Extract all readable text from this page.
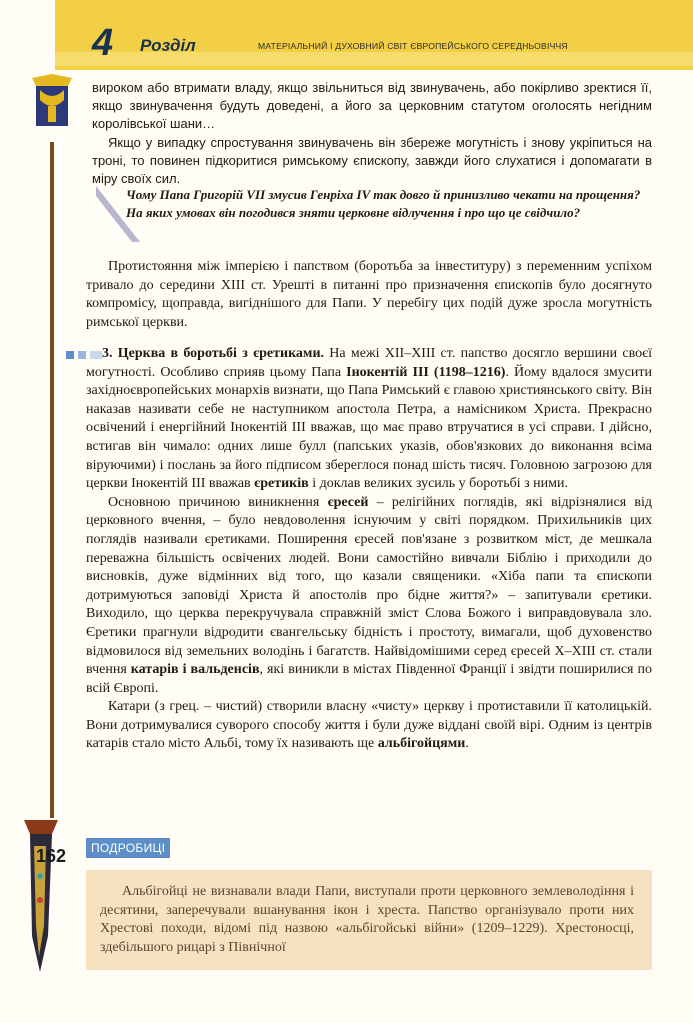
4 Розділ	МАТЕРІАЛЬНИЙ І ДУХОВНИЙ СВІТ ЄВРОПЕЙСЬКОГО СЕРЕДНЬОВІЧЧЯ

вироком або втримати владу, якщо звільниться від звинувачень, або покірливо зректися її, якщо звинувачення будуть доведені, а його за церковним статутом оголосять негідним королівської шани…

Якщо у випадку спростування звинувачень він збереже могутність і знову укріпиться на троні, то повинен підкоритися римському єпископу, завжди його слухатися і допомагати в міру своїх сил.

Чому Папа Григорій VII змусив Генріха IV так довго й принизливо чекати на прощення? На яких умовах він погодився зняти церковне відлучення і про що це свідчило?
Протистояння між імперією і папством (боротьба за інвеституру) з переменним успіхом тривало до середини XIII ст. Урешті в питанні про призначення єпископів було досягнуто компромісу, щоправда, вигіднішого для Папи. У перебігу цих подій дуже зросла могутність римської церкви.

3. Церква в боротьбі з єретиками. На межі XII–XIII ст. папство досягло вершини своєї могутності. Особливо сприяв цьому Папа Інокентій III (1198–1216). Йому вдалося змусити західноєвропейських монархів визнати, що Папа Римський є главою християнського світу. Він наказав називати себе не наступником апостола Петра, а намісником Христа. Прекрасно освічений і енергійний Інокентій III вважав, що має право втручатися в усі справи. І дійсно, встигав він чимало: одних лише булл (папських указів, обов'язкових до виконання всіма віруючими) і послань за його підписом збереглося понад шість тисяч. Головною загрозою для церкви Інокентій III вважав єретиків і доклав великих зусиль у боротьбі з ними.

Основною причиною виникнення єресей – релігійних поглядів, які відрізнялися від церковного вчення, – було невдоволення існуючим у світі порядком. Прихильників цих поглядів називали єретиками. Поширення єресей пов'язане з розвитком міст, де мешкала переважна більшість освічених людей. Вони самостійно вивчали Біблію і приходили до висновків, дуже відмінних від того, що казали священики. «Хіба папи та єпископи дотримуються заповіді Христа й апостолів про бідне життя?» – запитували єретики. Виходило, що церква перекручувала справжній зміст Слова Божого і виправдовувала зло. Єретики прагнули відродити євангельську бідність і простоту, вимагали, щоб духовенство відмовилося від земельних володінь і багатств. Найвідомішими серед єресей X–XIII ст. стали вчення катарів і вальденсів, які виникли в містах Південної Франції і звідти поширилися по всій Європі.

Катари (з грец. – чистий) створили власну «чисту» церкву і протиставили її католицькій. Вони дотримувалися суворого способу життя і були дуже віддані своїй вірі. Одним із центрів катарів стало місто Альбі, тому їх називають ще альбігойцями.

162	ПОДРОБИЦІ

Альбігойці не визнавали влади Папи, виступали проти церковного землеволодіння і десятини, заперечували вшанування ікон і хреста. Папство організувало проти них Хрестові походи, відомі під назвою «альбігойські війни» (1209–1229). Хрестоносці, здебільшого рицарі з Північної
